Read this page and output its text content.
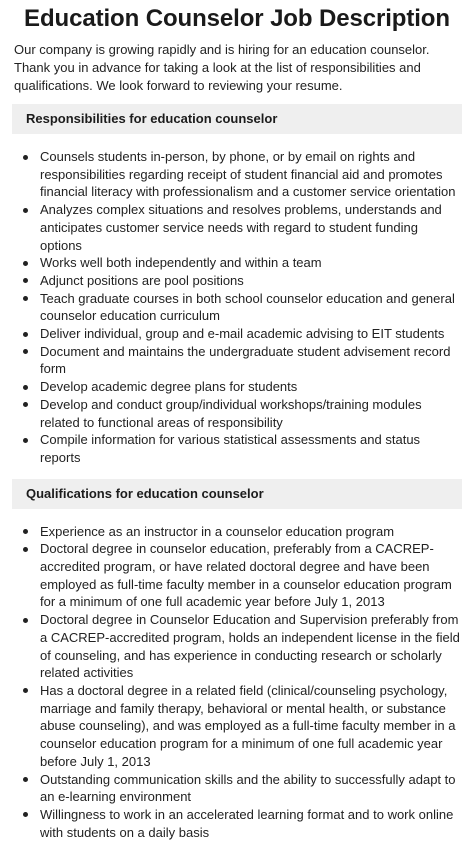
Education Counselor Job Description

Our company is growing rapidly and is hiring for an education counselor. Thank you in advance for taking a look at the list of responsibilities and qualifications. We look forward to reviewing your resume.

Responsibilities for education counselor
Counsels students in-person, by phone, or by email on rights and responsibilities regarding receipt of student financial aid and promotes financial literacy with professionalism and a customer service orientation
Analyzes complex situations and resolves problems, understands and anticipates customer service needs with regard to student funding options
Works well both independently and within a team
Adjunct positions are pool positions
Teach graduate courses in both school counselor education and general counselor education curriculum
Deliver individual, group and e-mail academic advising to EIT students
Document and maintains the undergraduate student advisement record form
Develop academic degree plans for students
Develop and conduct group/individual workshops/training modules related to functional areas of responsibility
Compile information for various statistical assessments and status reports
Qualifications for education counselor
Experience as an instructor in a counselor education program
Doctoral degree in counselor education, preferably from a CACREP-accredited program, or have related doctoral degree and have been employed as full-time faculty member in a counselor education program for a minimum of one full academic year before July 1, 2013
Doctoral degree in Counselor Education and Supervision preferably from a CACREP-accredited program, holds an independent license in the field of counseling, and has experience in conducting research or scholarly related activities
Has a doctoral degree in a related field (clinical/counseling psychology, marriage and family therapy, behavioral or mental health, or substance abuse counseling), and was employed as a full-time faculty member in a counselor education program for a minimum of one full academic year before July 1, 2013
Outstanding communication skills and the ability to successfully adapt to an e-learning environment
Willingness to work in an accelerated learning format and to work online with students on a daily basis
